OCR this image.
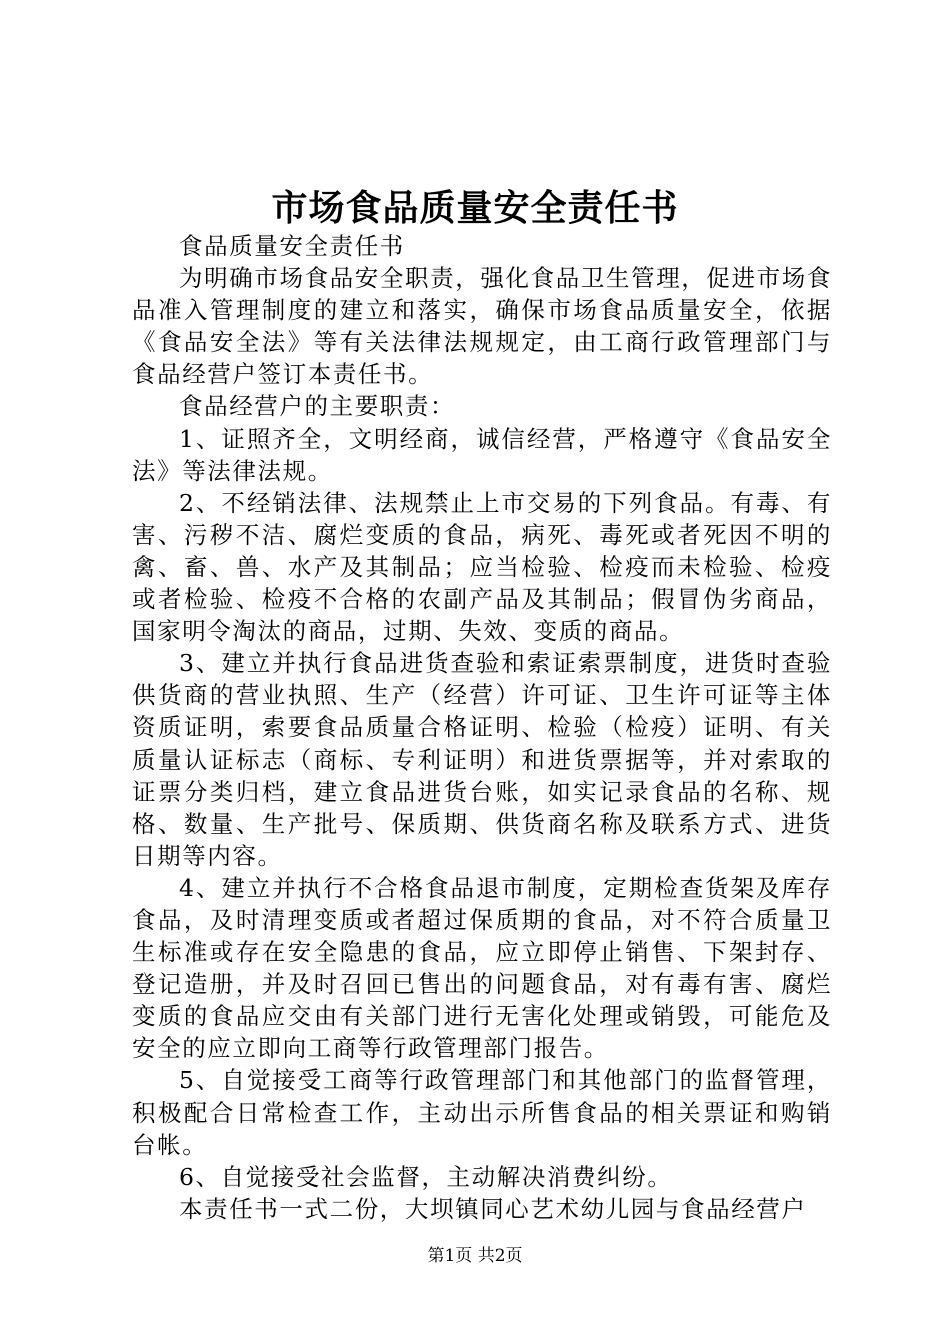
市场食品质量安全责任书

食品质量安全责任书

为明确市场食品安全职责，强化食品卫生管理，促进市场食品准入管理制度的建立和落实，确保市场食品质量安全，依据《食品安全法》等有关法律法规规定，由工商行政管理部门与食品经营户签订本责任书。

食品经营户的主要职责：

1、证照齐全，文明经商，诚信经营，严格遵守《食品安全法》等法律法规。

2、不经销法律、法规禁止上市交易的下列食品。有毒、有害、污秽不洁、腐烂变质的食品，病死、毒死或者死因不明的禽、畜、兽、水产及其制品；应当检验、检疫而未检验、检疫或者检验、检疫不合格的农副产品及其制品；假冒伪劣商品，国家明令淘汰的商品，过期、失效、变质的商品。

3、建立并执行食品进货查验和索证索票制度，进货时查验供货商的营业执照、生产（经营）许可证、卫生许可证等主体资质证明，索要食品质量合格证明、检验（检疫）证明、有关质量认证标志（商标、专利证明）和进货票据等，并对索取的证票分类归档，建立食品进货台账，如实记录食品的名称、规格、数量、生产批号、保质期、供货商名称及联系方式、进货日期等内容。

4、建立并执行不合格食品退市制度，定期检查货架及库存食品，及时清理变质或者超过保质期的食品，对不符合质量卫生标准或存在安全隐患的食品，应立即停止销售、下架封存、登记造册，并及时召回已售出的问题食品，对有毒有害、腐烂变质的食品应交由有关部门进行无害化处理或销毁，可能危及安全的应立即向工商等行政管理部门报告。

5、自觉接受工商等行政管理部门和其他部门的监督管理，积极配合日常检查工作，主动出示所售食品的相关票证和购销台帐。

6、自觉接受社会监督，主动解决消费纠纷。

本责任书一式二份，大坝镇同心艺术幼儿园与食品经营户

第1页 共2页
